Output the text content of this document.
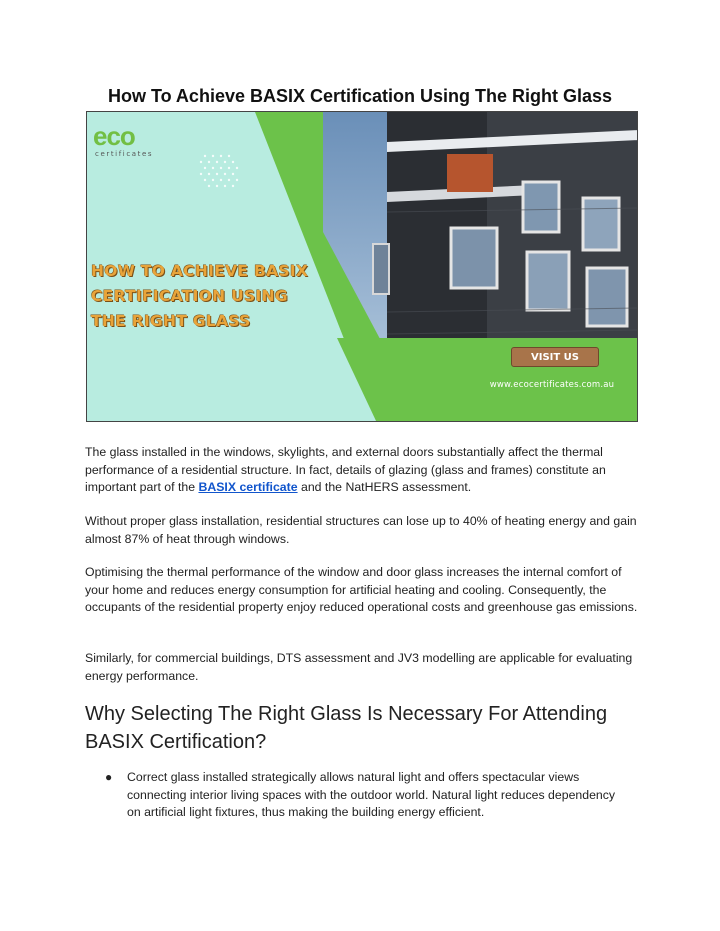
How To Achieve BASIX Certification Using The Right Glass
eco
certificates
HOW TO ACHIEVE BASIX
CERTIFICATION USING
THE RIGHT GLASS
VISIT US
www.ecocertificates.com.au

The glass installed in the windows, skylights, and external doors substantially affect the thermal performance of a residential structure. In fact, details of glazing (glass and frames) constitute an important part of the BASIX certificate and the NatHERS assessment.

Without proper glass installation, residential structures can lose up to 40% of heating energy and gain almost 87% of heat through windows.

Optimising the thermal performance of the window and door glass increases the internal comfort of your home and reduces energy consumption for artificial heating and cooling. Consequently, the occupants of the residential property enjoy reduced operational costs and greenhouse gas emissions.

Similarly, for commercial buildings, DTS assessment and JV3 modelling are applicable for evaluating energy performance.

Why Selecting The Right Glass Is Necessary For Attending BASIX Certification?
● Correct glass installed strategically allows natural light and offers spectacular views connecting interior living spaces with the outdoor world. Natural light reduces dependency on artificial light fixtures, thus making the building energy efficient.
